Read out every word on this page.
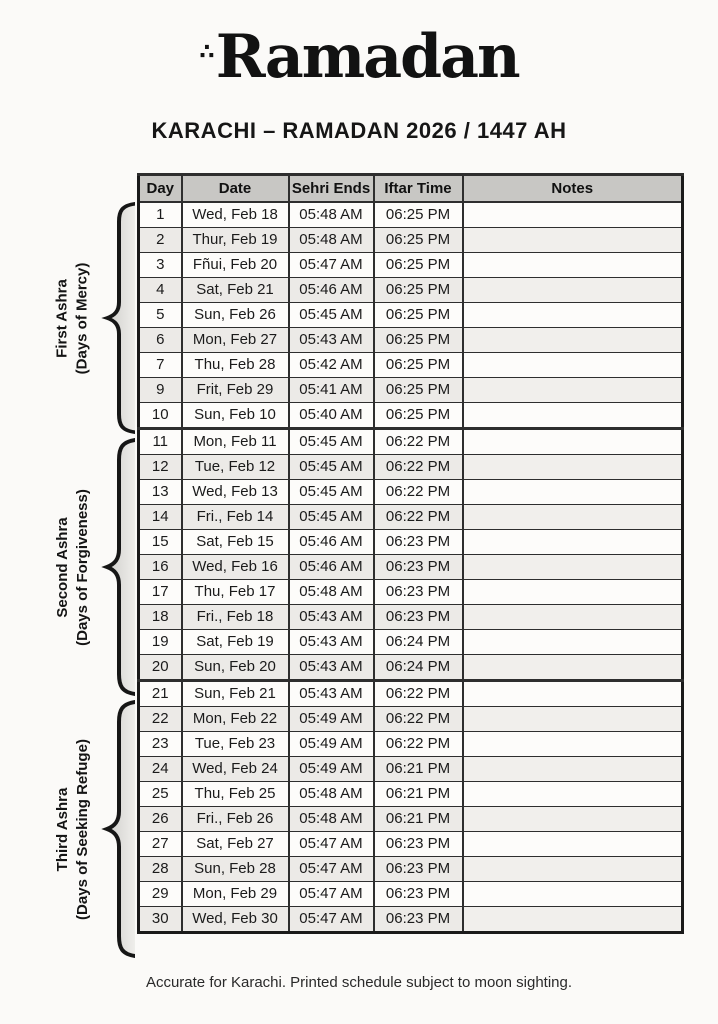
∴Ramadan
KARACHI – RAMADAN 2026 / 1447 AH
First Ashra (Days of Mercy)
Second Ashra (Days of Forgiveness)
Third Ashra (Days of Seeking Refuge)
Day	Date	Sehri Ends	Iftar Time	Notes
1	Wed, Feb 18	05:48 AM	06:25 PM	
2	Thur, Feb 19	05:48 AM	06:25 PM	
3	Fñui, Feb 20	05:47 AM	06:25 PM	
4	Sat, Feb 21	05:46 AM	06:25 PM	
5	Sun, Feb 26	05:45 AM	06:25 PM	
6	Mon, Feb 27	05:43 AM	06:25 PM	
7	Thu, Feb 28	05:42 AM	06:25 PM	
9	Frit, Feb 29	05:41 AM	06:25 PM	
10	Sun, Feb 10	05:40 AM	06:25 PM	
11	Mon, Feb 11	05:45 AM	06:22 PM	
12	Tue, Feb 12	05:45 AM	06:22 PM	
13	Wed, Feb 13	05:45 AM	06:22 PM	
14	Fri., Feb 14	05:45 AM	06:22 PM	
15	Sat, Feb 15	05:46 AM	06:23 PM	
16	Wed, Feb 16	05:46 AM	06:23 PM	
17	Thu, Feb 17	05:48 AM	06:23 PM	
18	Fri., Feb 18	05:43 AM	06:23 PM	
19	Sat, Feb 19	05:43 AM	06:24 PM	
20	Sun, Feb 20	05:43 AM	06:24 PM	
21	Sun, Feb 21	05:43 AM	06:22 PM	
22	Mon, Feb 22	05:49 AM	06:22 PM	
23	Tue, Feb 23	05:49 AM	06:22 PM	
24	Wed, Feb 24	05:49 AM	06:21 PM	
25	Thu, Feb 25	05:48 AM	06:21 PM	
26	Fri., Feb 26	05:48 AM	06:21 PM	
27	Sat, Feb 27	05:47 AM	06:23 PM	
28	Sun, Feb 28	05:47 AM	06:23 PM	
29	Mon, Feb 29	05:47 AM	06:23 PM	
30	Wed, Feb 30	05:47 AM	06:23 PM	
Accurate for Karachi. Printed schedule subject to moon sighting.
